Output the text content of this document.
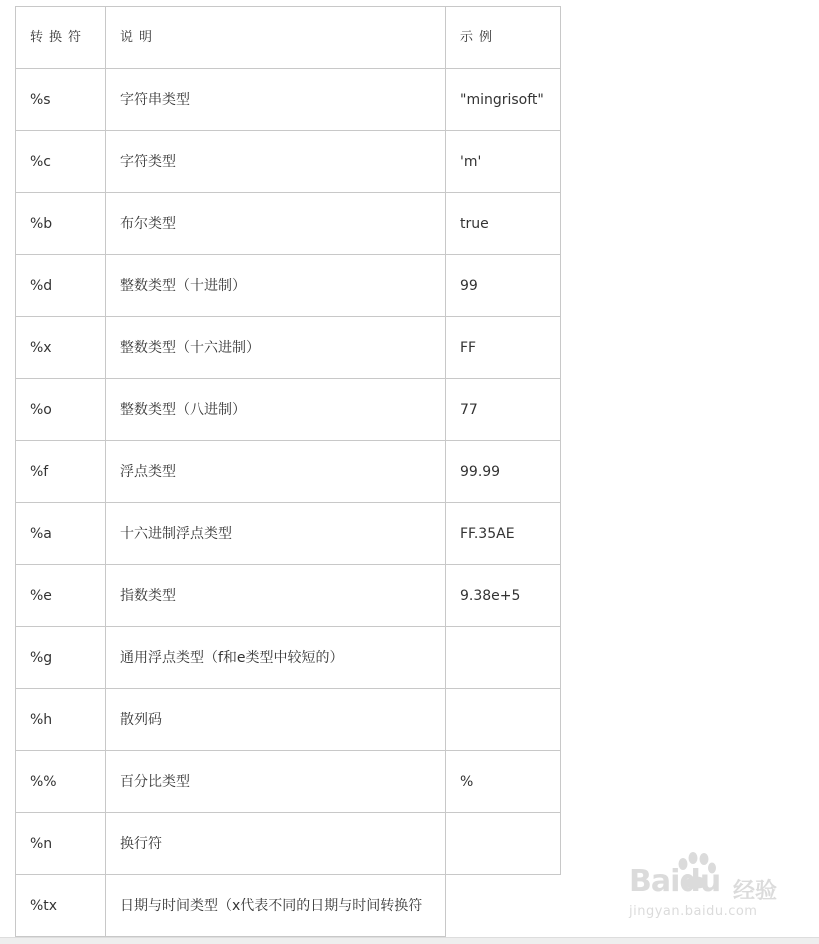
转换符	说明	示例
%s	字符串类型	"mingrisoft"
%c	字符类型	'm'
%b	布尔类型	true
%d	整数类型（十进制）	99
%x	整数类型（十六进制）	FF
%o	整数类型（八进制）	77
%f	浮点类型	99.99
%a	十六进制浮点类型	FF.35AE
%e	指数类型	9.38e+5
%g	通用浮点类型（f和e类型中较短的）	
%h	散列码	
%%	百分比类型	%
%n	换行符	
%tx	日期与时间类型（x代表不同的日期与时间转换符	
Baidu 经验
jingyan.baidu.com
